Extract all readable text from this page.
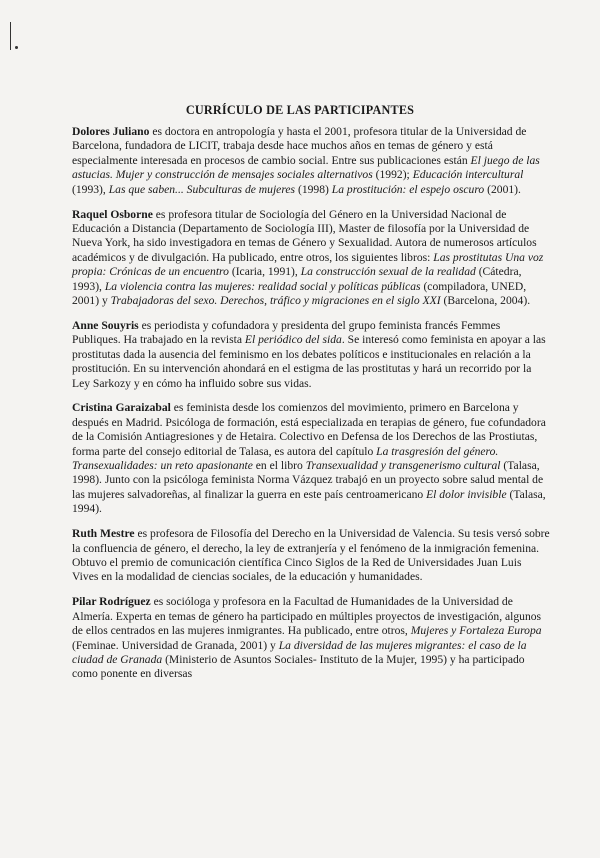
CURRÍCULO DE LAS PARTICIPANTES

Dolores Juliano es doctora en antropología y hasta el 2001, profesora titular de la Universidad de Barcelona, fundadora de LICIT, trabaja desde hace muchos años en temas de género y está especialmente interesada en procesos de cambio social. Entre sus publicaciones están El juego de las astucias. Mujer y construcción de mensajes sociales alternativos (1992); Educación intercultural (1993), Las que saben... Subculturas de mujeres (1998) La prostitución: el espejo oscuro (2001).

Raquel Osborne es profesora titular de Sociología del Género en la Universidad Nacional de Educación a Distancia (Departamento de Sociología III), Master de filosofía por la Universidad de Nueva York, ha sido investigadora en temas de Género y Sexualidad. Autora de numerosos artículos académicos y de divulgación. Ha publicado, entre otros, los siguientes libros: Las prostitutas Una voz propia: Crónicas de un encuentro (Icaria, 1991), La construcción sexual de la realidad (Cátedra, 1993), La violencia contra las mujeres: realidad social y políticas públicas (compiladora, UNED, 2001) y Trabajadoras del sexo. Derechos, tráfico y migraciones en el siglo XXI (Barcelona, 2004).

Anne Souyris es periodista y cofundadora y presidenta del grupo feminista francés Femmes Publiques. Ha trabajado en la revista El periódico del sida. Se interesó como feminista en apoyar a las prostitutas dada la ausencia del feminismo en los debates políticos e institucionales en relación a la prostitución. En su intervención ahondará en el estigma de las prostitutas y hará un recorrido por la Ley Sarkozy y en cómo ha influido sobre sus vidas.

Cristina Garaizabal es feminista desde los comienzos del movimiento, primero en Barcelona y después en Madrid. Psicóloga de formación, está especializada en terapias de género, fue cofundadora de la Comisión Antiagresiones y de Hetaira. Colectivo en Defensa de los Derechos de las Prostiutas, forma parte del consejo editorial de Talasa, es autora del capítulo La trasgresión del género. Transexualidades: un reto apasionante en el libro Transexualidad y transgenerismo cultural (Talasa, 1998). Junto con la psicóloga feminista Norma Vázquez trabajó en un proyecto sobre salud mental de las mujeres salvadoreñas, al finalizar la guerra en este país centroamericano El dolor invisible (Talasa, 1994).

Ruth Mestre es profesora de Filosofía del Derecho en la Universidad de Valencia. Su tesis versó sobre la confluencia de género, el derecho, la ley de extranjería y el fenómeno de la inmigración femenina. Obtuvo el premio de comunicación científica Cinco Siglos de la Red de Universidades Juan Luis Vives en la modalidad de ciencias sociales, de la educación y humanidades.

Pilar Rodríguez es socióloga y profesora en la Facultad de Humanidades de la Universidad de Almería. Experta en temas de género ha participado en múltiples proyectos de investigación, algunos de ellos centrados en las mujeres inmigrantes. Ha publicado, entre otros, Mujeres y Fortaleza Europa (Feminae. Universidad de Granada, 2001) y La diversidad de las mujeres migrantes: el caso de la ciudad de Granada (Ministerio de Asuntos Sociales- Instituto de la Mujer, 1995) y ha participado como ponente en diversas
